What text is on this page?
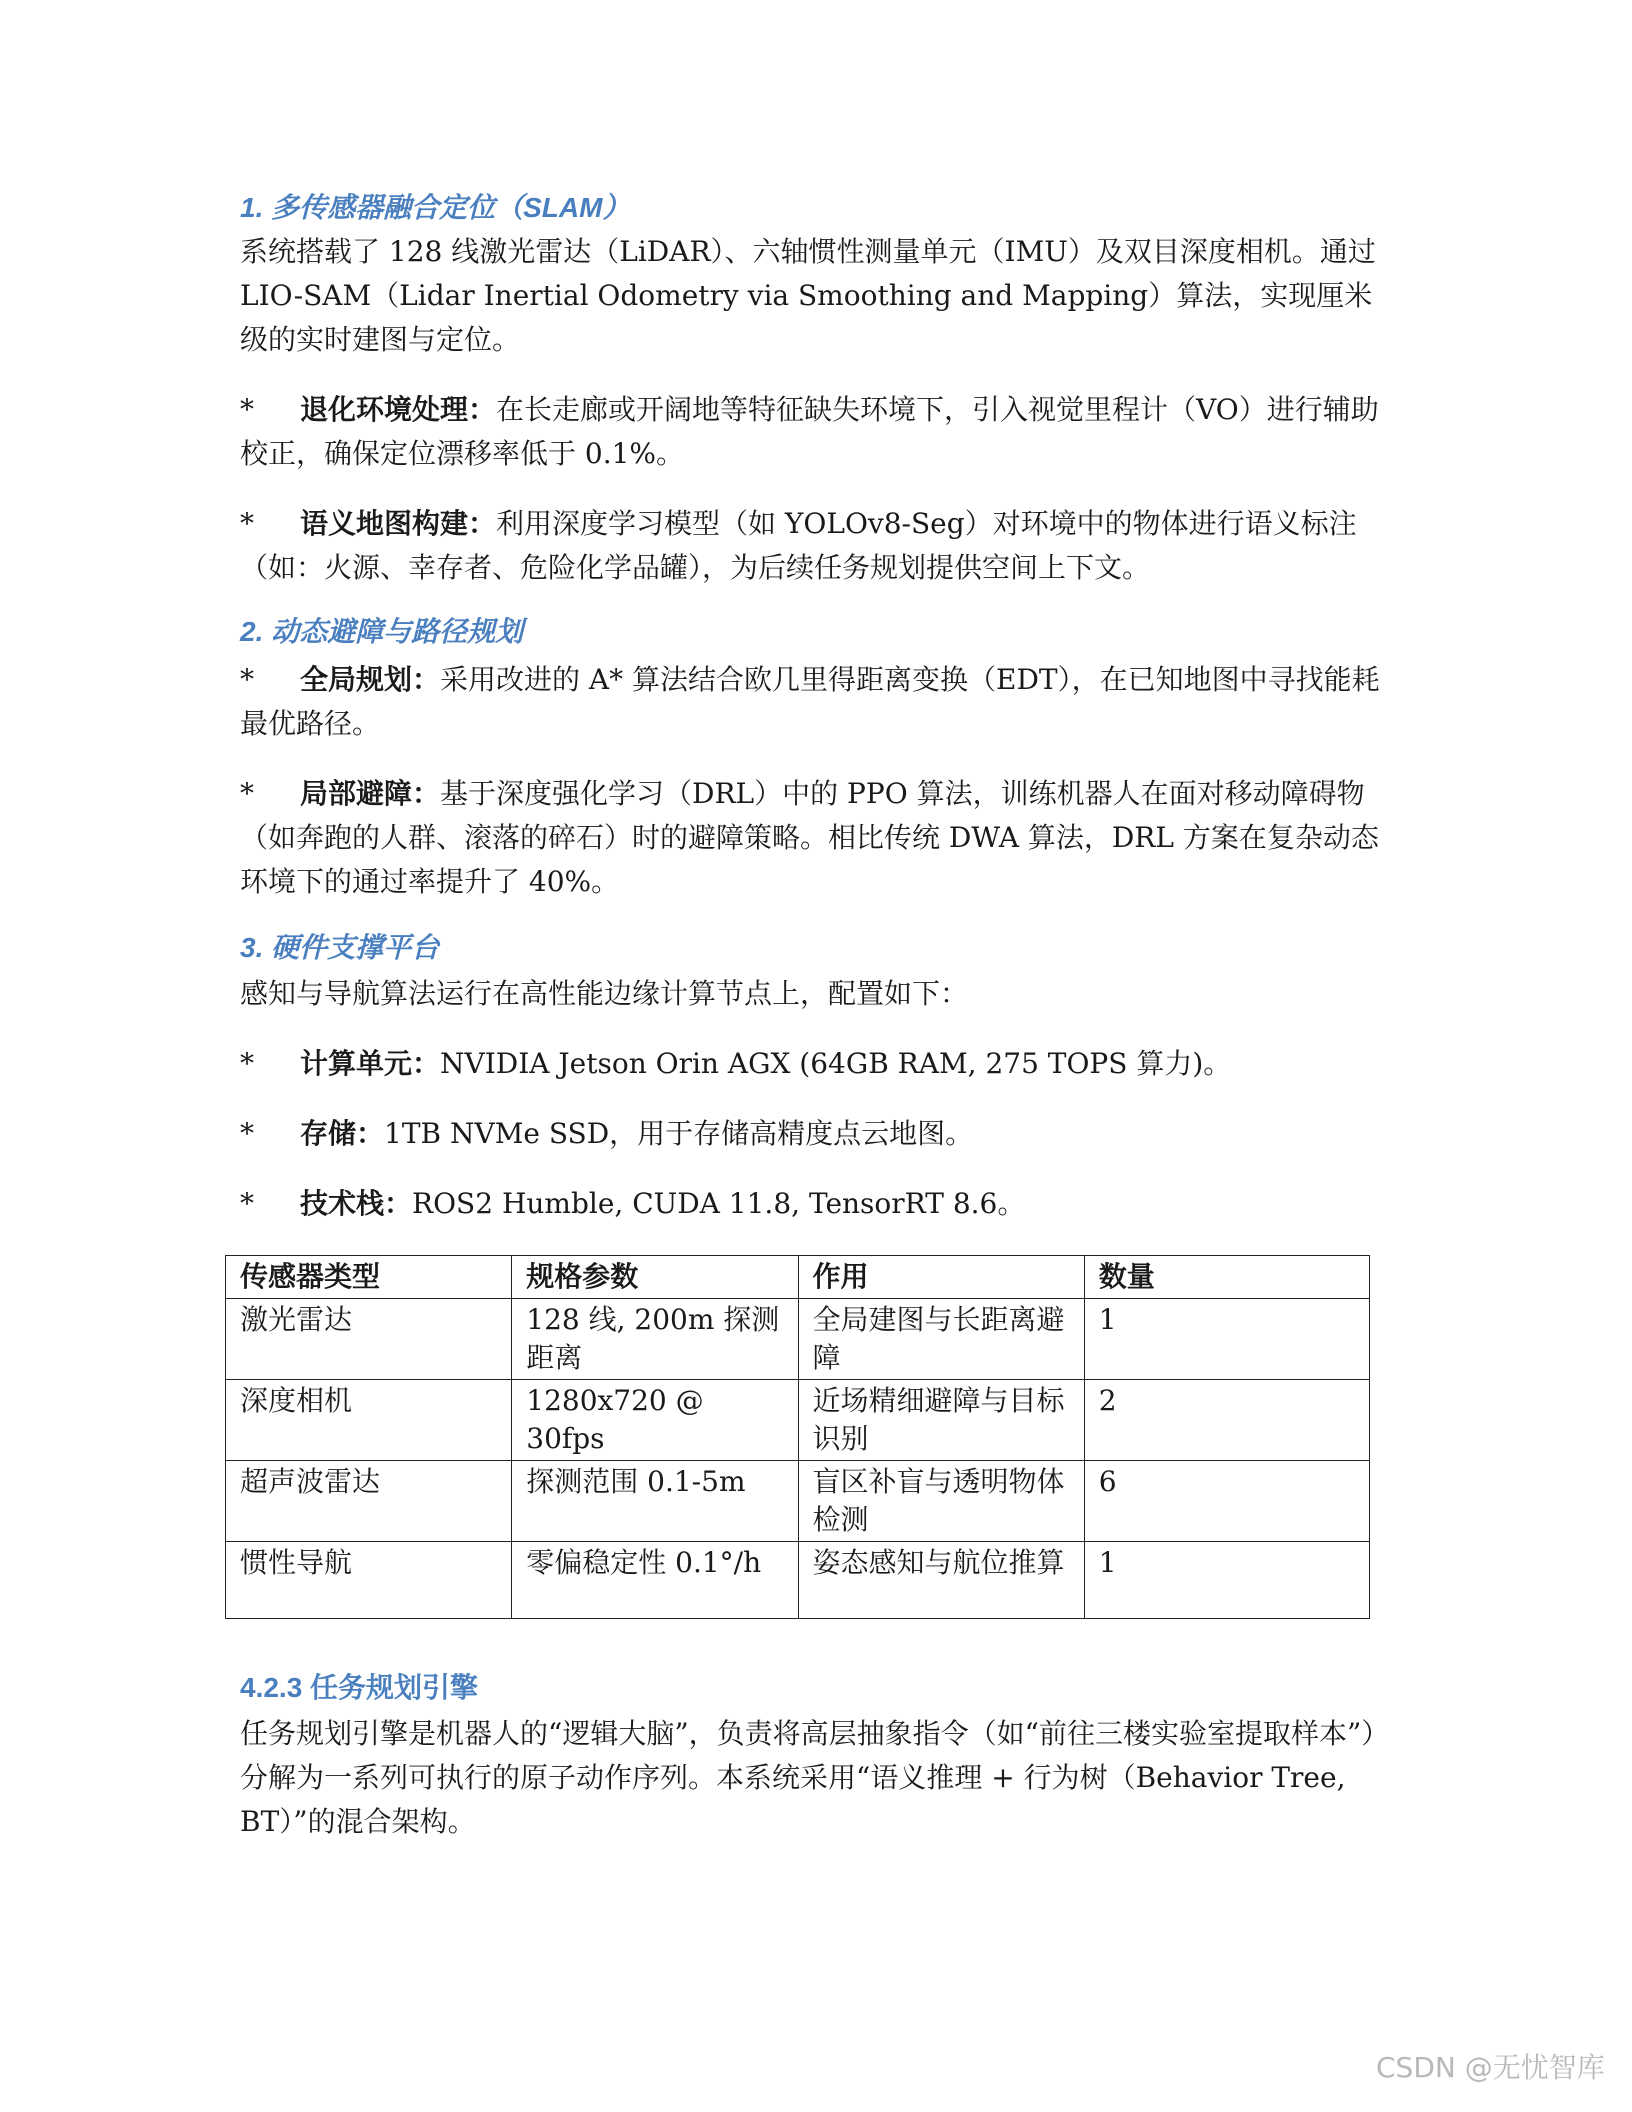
1. 多传感器融合定位（SLAM）
系统搭载了 128 线激光雷达（LiDAR）、六轴惯性测量单元（IMU）及双目深度相机。通过 LIO-SAM（Lidar Inertial Odometry via Smoothing and Mapping）算法，实现厘米级的实时建图与定位。
* 退化环境处理：在长走廊或开阔地等特征缺失环境下，引入视觉里程计（VO）进行辅助校正，确保定位漂移率低于 0.1%。
* 语义地图构建：利用深度学习模型（如 YOLOv8-Seg）对环境中的物体进行语义标注（如：火源、幸存者、危险化学品罐），为后续任务规划提供空间上下文。
2. 动态避障与路径规划
* 全局规划：采用改进的 A* 算法结合欧几里得距离变换（EDT），在已知地图中寻找能耗最优路径。
* 局部避障：基于深度强化学习（DRL）中的 PPO 算法，训练机器人在面对移动障碍物（如奔跑的人群、滚落的碎石）时的避障策略。相比传统 DWA 算法，DRL 方案在复杂动态环境下的通过率提升了 40%。
3. 硬件支撑平台
感知与导航算法运行在高性能边缘计算节点上，配置如下：
* 计算单元：NVIDIA Jetson Orin AGX (64GB RAM, 275 TOPS 算力)。
* 存储：1TB NVMe SSD，用于存储高精度点云地图。
* 技术栈：ROS2 Humble, CUDA 11.8, TensorRT 8.6。
传感器类型	规格参数	作用	数量
激光雷达	128 线, 200m 探测距离	全局建图与长距离避障	1
深度相机	1280x720 @ 30fps	近场精细避障与目标识别	2
超声波雷达	探测范围 0.1-5m	盲区补盲与透明物体检测	6
惯性导航	零偏稳定性 0.1°/h	姿态感知与航位推算	1
4.2.3 任务规划引擎
任务规划引擎是机器人的“逻辑大脑”，负责将高层抽象指令（如“前往三楼实验室提取样本”）分解为一系列可执行的原子动作序列。本系统采用“语义推理 + 行为树（Behavior Tree, BT）”的混合架构。
CSDN @无忧智库
